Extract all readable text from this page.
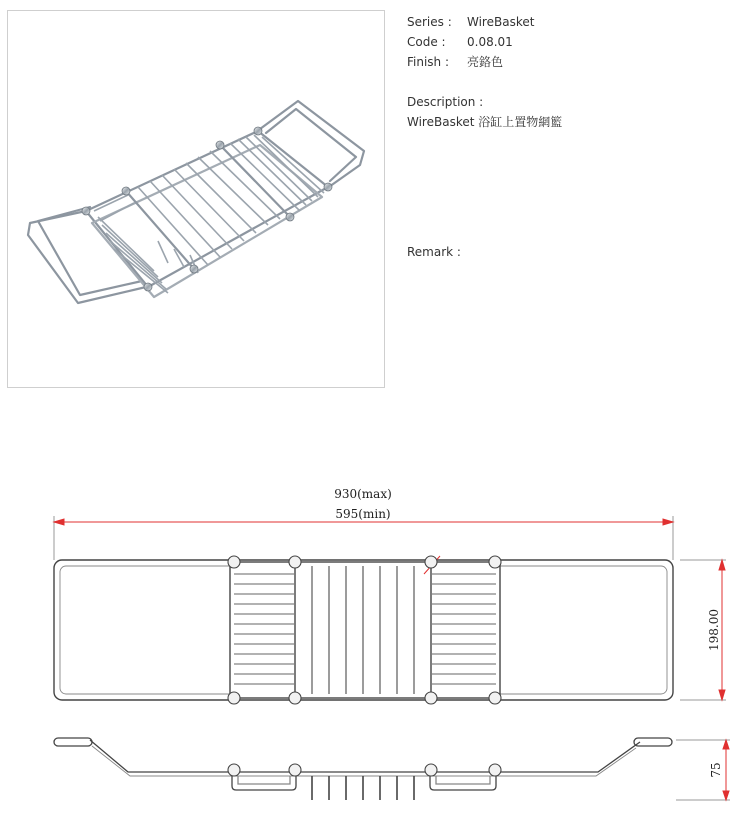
Series :	WireBasket
Code :	0.08.01
Finish :	亮鉻色
Description :
WireBasket 浴缸上置物網籃
Remark :
930(max)
595(min)
198.00
75
